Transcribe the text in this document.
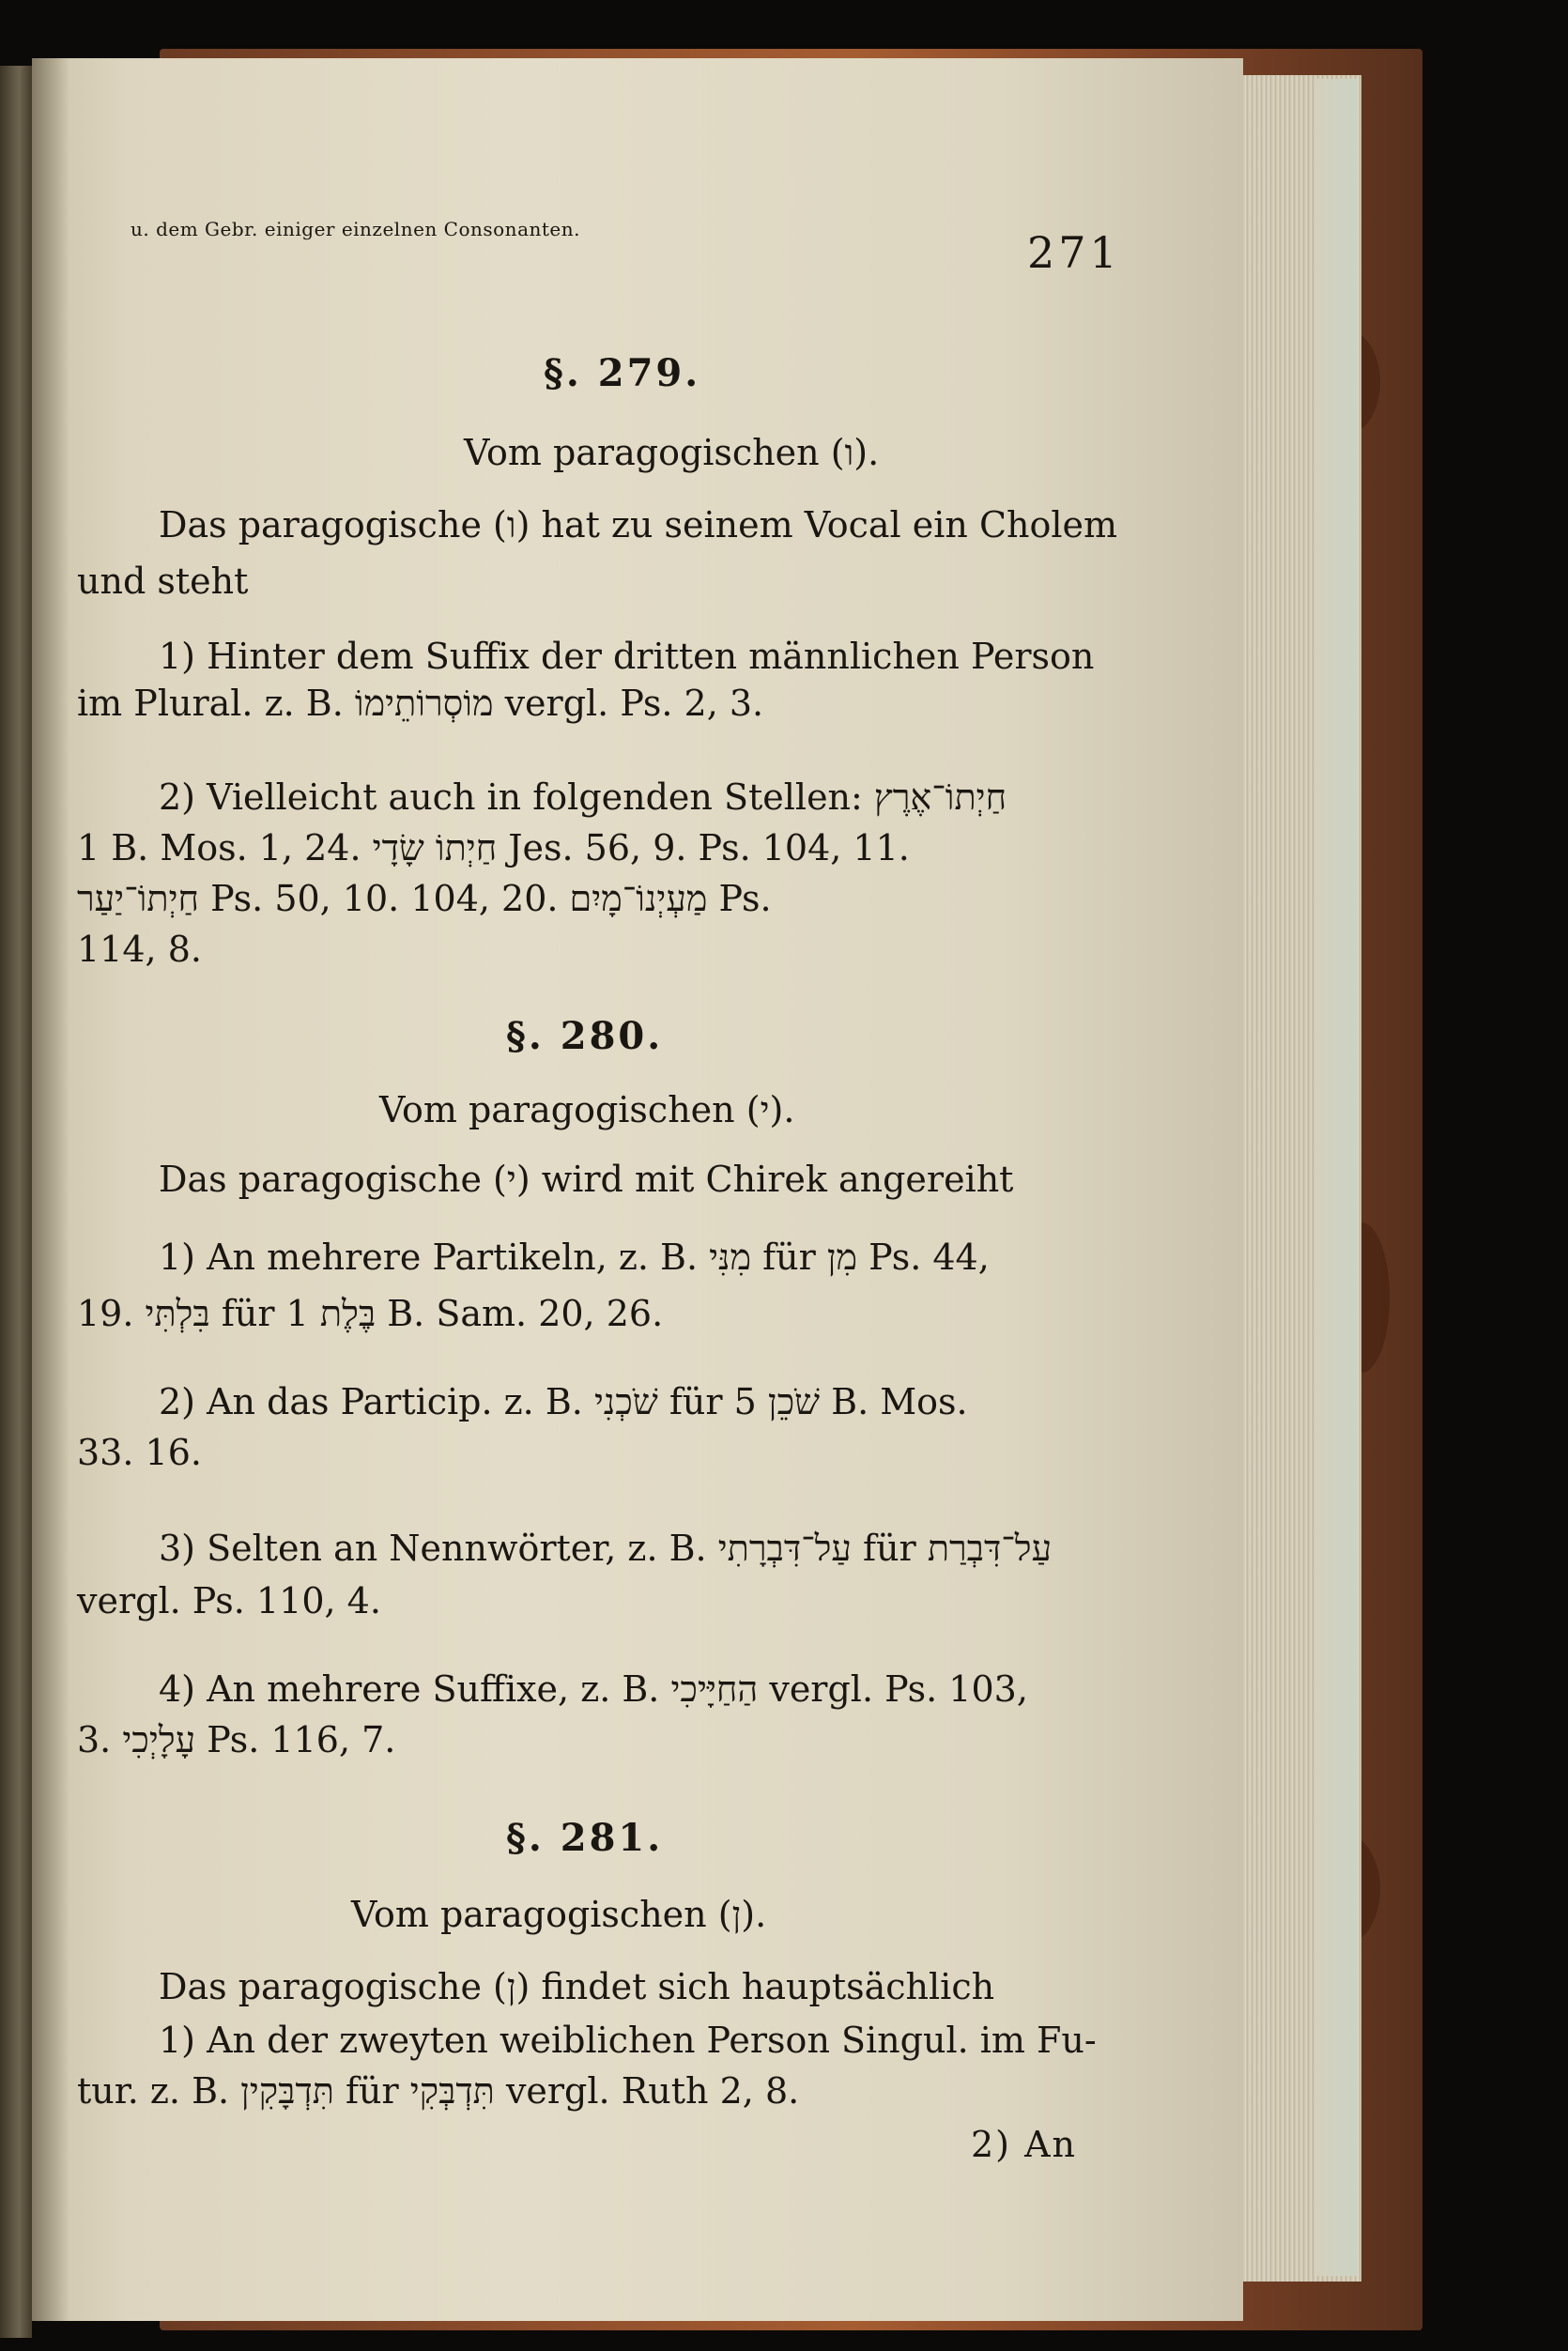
u. dem Gebr. einiger einzelnen Consonanten.	271
§. 279.
Vom paragogischen (ו).
Das paragogische (ו) hat zu seinem Vocal ein Cholem
und steht
1) Hinter dem Suffix der dritten männlichen Person
im Plural. z. B. מוֹסְרוֹתֵימוֹ vergl. Ps. 2, 3.
2) Vielleicht auch in folgenden Stellen: חַיְתוֹ־אֶרֶץ
1 B. Mos. 1, 24. חַיְתוֹ שָׂדָי Jes. 56, 9. Ps. 104, 11.
חַיְתוֹ־יַעַר Ps. 50, 10. 104, 20. מַעְיְנוֹ־מָיִם Ps.
114, 8.
§. 280.
Vom paragogischen (י).
Das paragogische (י) wird mit Chirek angereiht
1) An mehrere Partikeln, z. B. מִנִּי für מִן Ps. 44,
19. בִּלְתִּי für בֶּלֶת 1 B. Sam. 20, 26.
2) An das Particip. z. B. שֹׁכְנִי für שֹׁכֵן 5 B. Mos.
33. 16.
3) Selten an Nennwörter, z. B. עַל־דִּבְרָתִי für עַל־דִּבְרַת
vergl. Ps. 110, 4.
4) An mehrere Suffixe, z. B. הַחַיָּיכִי vergl. Ps. 103,
3. עָלָיְכִי Ps. 116, 7.
§. 281.
Vom paragogischen (ן).
Das paragogische (ן) findet sich hauptsächlich
1) An der zweyten weiblichen Person Singul. im Fu-
tur. z. B. תִּדְבָּקִין für תִּדְבְּקִי vergl. Ruth 2, 8.
2) An
